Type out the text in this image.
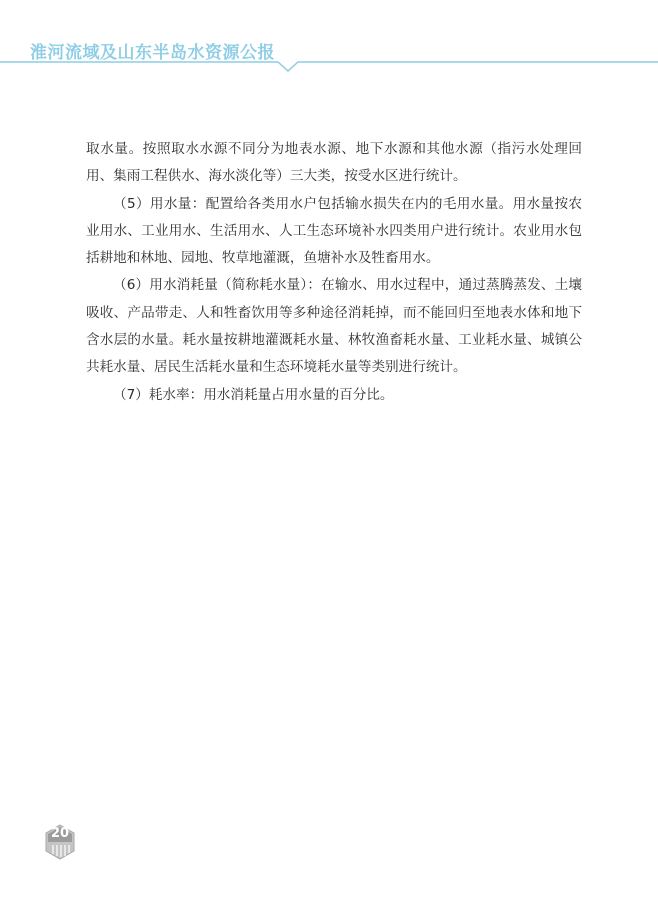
淮河流域及山东半岛水资源公报

取水量。按照取水水源不同分为地表水源、地下水源和其他水源（指污水处理回用、集雨工程供水、海水淡化等）三大类，按受水区进行统计。

（5）用水量：配置给各类用水户包括输水损失在内的毛用水量。用水量按农业用水、工业用水、生活用水、人工生态环境补水四类用户进行统计。农业用水包括耕地和林地、园地、牧草地灌溉，鱼塘补水及牲畜用水。

（6）用水消耗量（简称耗水量）：在输水、用水过程中，通过蒸腾蒸发、土壤吸收、产品带走、人和牲畜饮用等多种途径消耗掉，而不能回归至地表水体和地下含水层的水量。耗水量按耕地灌溉耗水量、林牧渔畜耗水量、工业耗水量、城镇公共耗水量、居民生活耗水量和生态环境耗水量等类别进行统计。

（7）耗水率：用水消耗量占用水量的百分比。

20
